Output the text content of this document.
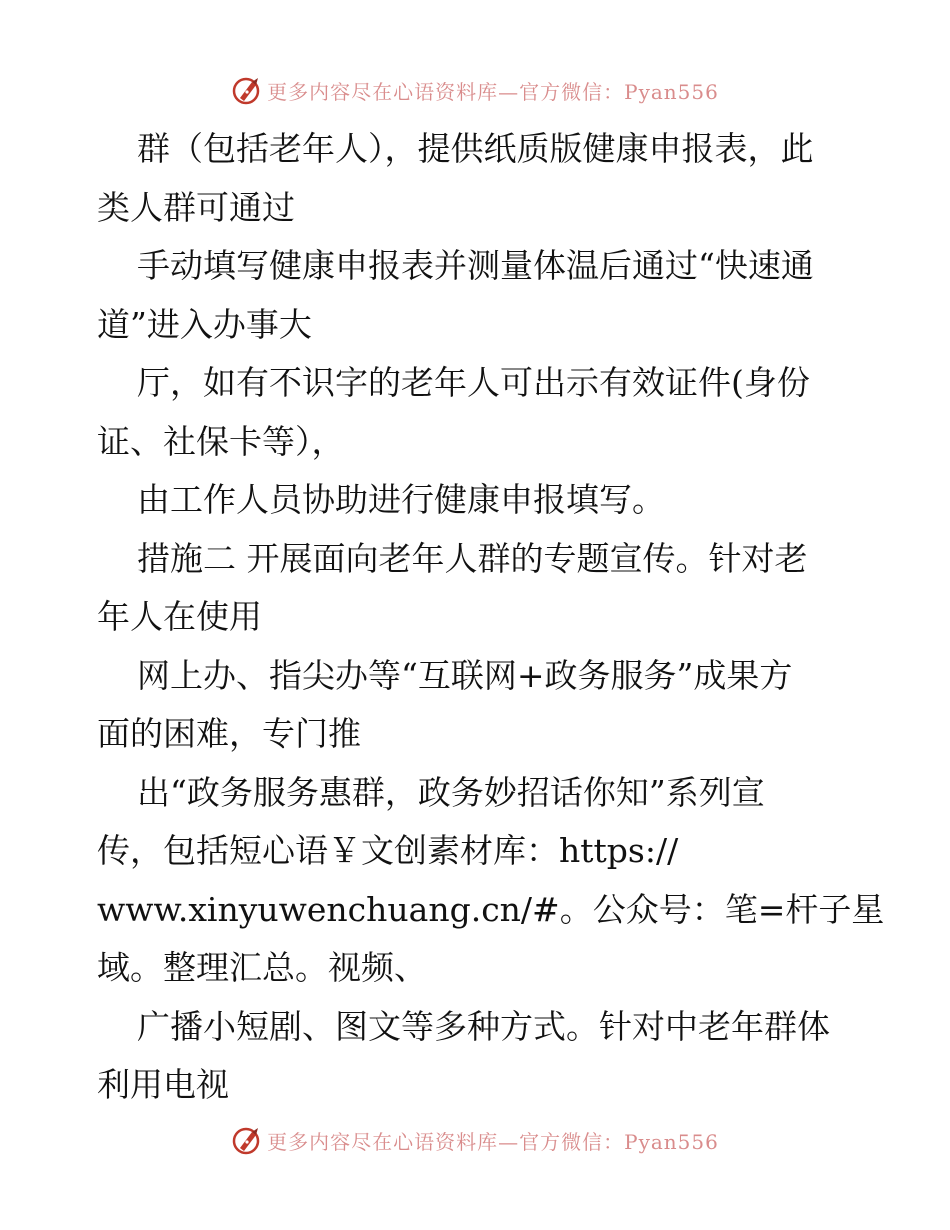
更多内容尽在心语资料库—官方微信：Pyan556
群（包括老年人），提供纸质版健康申报表，此
类人群可通过
手动填写健康申报表并测量体温后通过“快速通
道”进入办事大
厅，如有不识字的老年人可出示有效证件(身份
证、社保卡等），
由工作人员协助进行健康申报填写。
措施二 开展面向老年人群的专题宣传。针对老
年人在使用
网上办、指尖办等“互联网+政务服务”成果方
面的困难，专门推
出“政务服务惠群，政务妙招话你知”系列宣
传，包括短心语￥文创素材库：https://
www.xinyuwenchuang.cn/#。公众号：笔=杆子星
域。整理汇总。视频、
广播小短剧、图文等多种方式。针对中老年群体
利用电视
更多内容尽在心语资料库—官方微信：Pyan556
